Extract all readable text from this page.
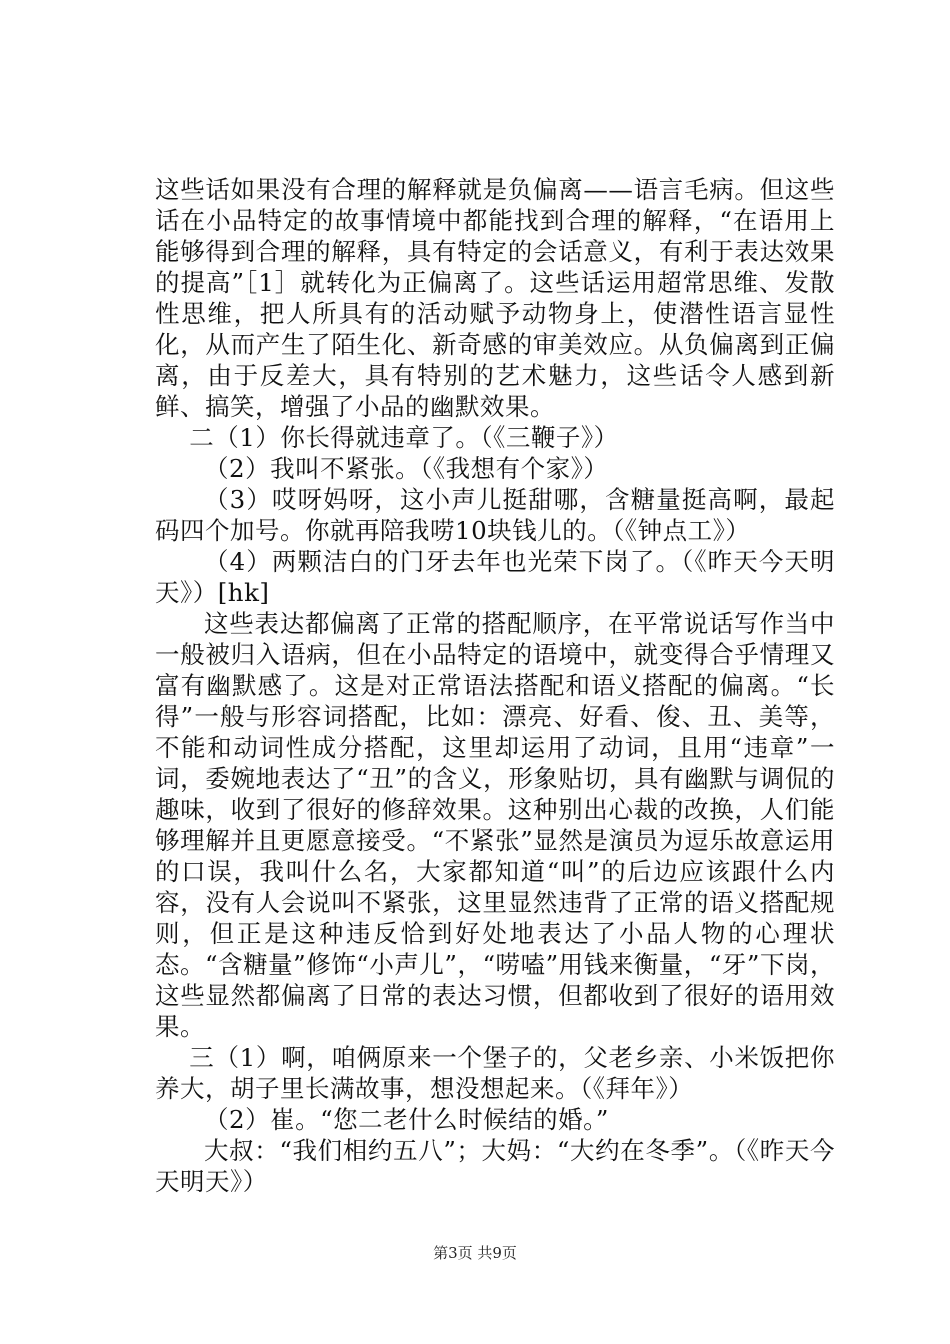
这些话如果没有合理的解释就是负偏离——语言毛病。但这些话在小品特定的故事情境中都能找到合理的解释，“在语用上能够得到合理的解释，具有特定的会话意义，有利于表达效果的提高”［1］就转化为正偏离了。这些话运用超常思维、发散性思维，把人所具有的活动赋予动物身上，使潜性语言显性化，从而产生了陌生化、新奇感的审美效应。从负偏离到正偏离，由于反差大，具有特别的艺术魅力，这些话令人感到新鲜、搞笑，增强了小品的幽默效果。

二（1）你长得就违章了。（《三鞭子》）

（2）我叫不紧张。（《我想有个家》）

（3）哎呀妈呀，这小声儿挺甜哪，含糖量挺高啊，最起码四个加号。你就再陪我唠10块钱儿的。（《钟点工》）

（4）两颗洁白的门牙去年也光荣下岗了。（《昨天今天明天》）[hk]

这些表达都偏离了正常的搭配顺序，在平常说话写作当中一般被归入语病，但在小品特定的语境中，就变得合乎情理又富有幽默感了。这是对正常语法搭配和语义搭配的偏离。“长得”一般与形容词搭配，比如：漂亮、好看、俊、丑、美等，不能和动词性成分搭配，这里却运用了动词，且用“违章”一词，委婉地表达了“丑”的含义，形象贴切，具有幽默与调侃的趣味，收到了很好的修辞效果。这种别出心裁的改换，人们能够理解并且更愿意接受。“不紧张”显然是演员为逗乐故意运用的口误，我叫什么名，大家都知道“叫”的后边应该跟什么内容，没有人会说叫不紧张，这里显然违背了正常的语义搭配规则，但正是这种违反恰到好处地表达了小品人物的心理状态。“含糖量”修饰“小声儿”，“唠嗑”用钱来衡量，“牙”下岗，这些显然都偏离了日常的表达习惯，但都收到了很好的语用效果。

三（1）啊，咱俩原来一个堡子的，父老乡亲、小米饭把你养大，胡子里长满故事，想没想起来。（《拜年》）

（2）崔。“您二老什么时候结的婚。”

大叔：“我们相约五八”；大妈：“大约在冬季”。（《昨天今天明天》）

第3页 共9页
